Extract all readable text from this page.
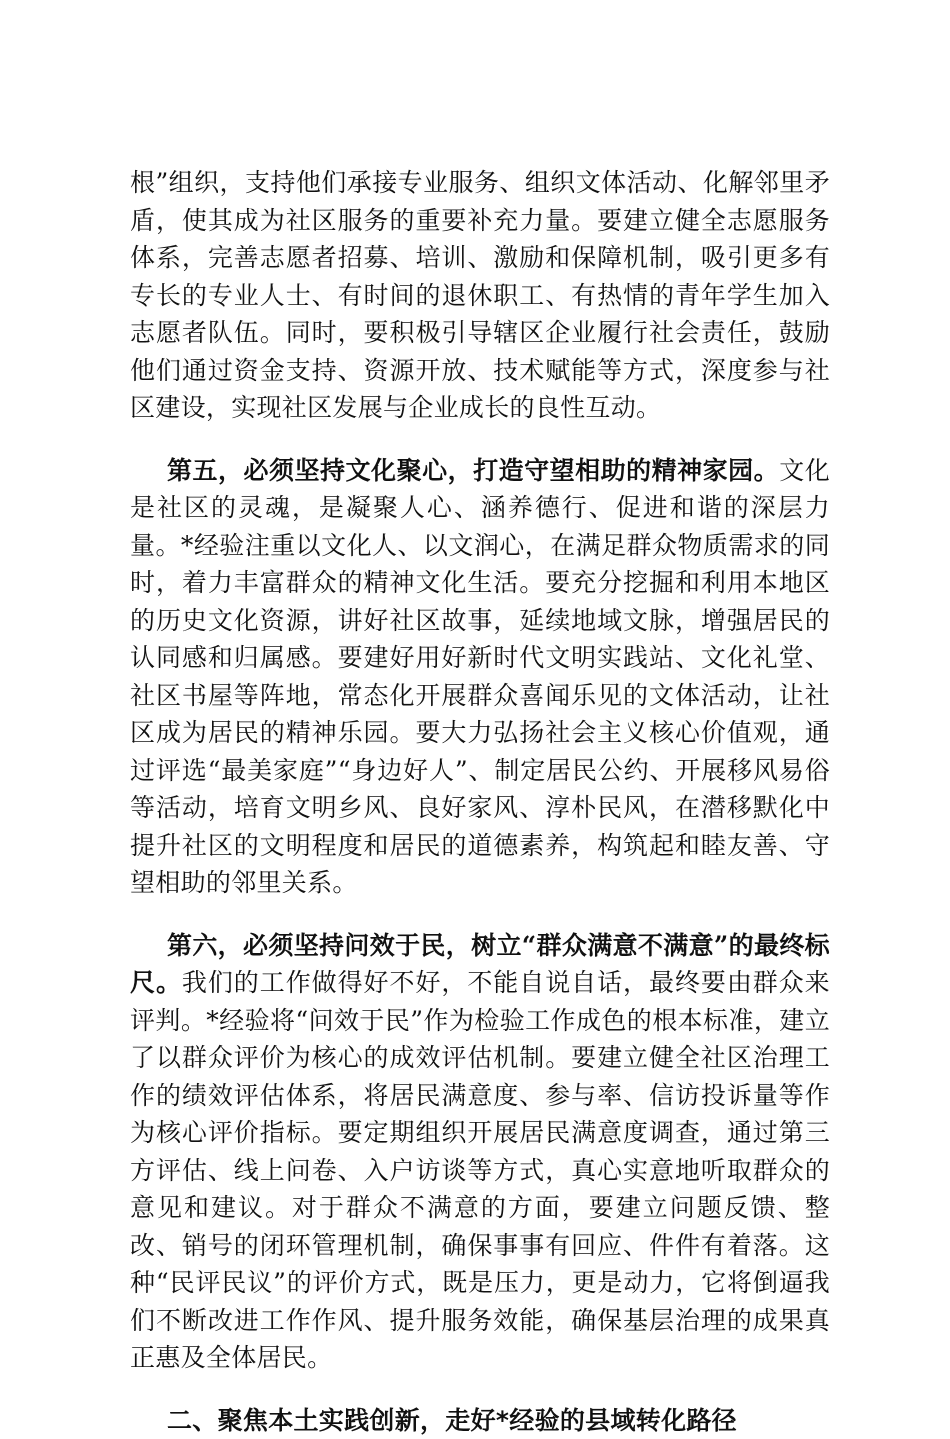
根”组织，支持他们承接专业服务、组织文体活动、化解邻里矛盾，使其成为社区服务的重要补充力量。要建立健全志愿服务体系，完善志愿者招募、培训、激励和保障机制，吸引更多有专长的专业人士、有时间的退休职工、有热情的青年学生加入志愿者队伍。同时，要积极引导辖区企业履行社会责任，鼓励他们通过资金支持、资源开放、技术赋能等方式，深度参与社区建设，实现社区发展与企业成长的良性互动。

第五，必须坚持文化聚心，打造守望相助的精神家园。文化是社区的灵魂，是凝聚人心、涵养德行、促进和谐的深层力量。*经验注重以文化人、以文润心，在满足群众物质需求的同时，着力丰富群众的精神文化生活。要充分挖掘和利用本地区的历史文化资源，讲好社区故事，延续地域文脉，增强居民的认同感和归属感。要建好用好新时代文明实践站、文化礼堂、社区书屋等阵地，常态化开展群众喜闻乐见的文体活动，让社区成为居民的精神乐园。要大力弘扬社会主义核心价值观，通过评选“最美家庭”“身边好人”、制定居民公约、开展移风易俗等活动，培育文明乡风、良好家风、淳朴民风，在潜移默化中提升社区的文明程度和居民的道德素养，构筑起和睦友善、守望相助的邻里关系。

第六，必须坚持问效于民，树立“群众满意不满意”的最终标尺。我们的工作做得好不好，不能自说自话，最终要由群众来评判。*经验将“问效于民”作为检验工作成色的根本标准，建立了以群众评价为核心的成效评估机制。要建立健全社区治理工作的绩效评估体系，将居民满意度、参与率、信访投诉量等作为核心评价指标。要定期组织开展居民满意度调查，通过第三方评估、线上问卷、入户访谈等方式，真心实意地听取群众的意见和建议。对于群众不满意的方面，要建立问题反馈、整改、销号的闭环管理机制，确保事事有回应、件件有着落。这种“民评民议”的评价方式，既是压力，更是动力，它将倒逼我们不断改进工作作风、提升服务效能，确保基层治理的成果真正惠及全体居民。

二、聚焦本土实践创新，走好*经验的县域转化路径
